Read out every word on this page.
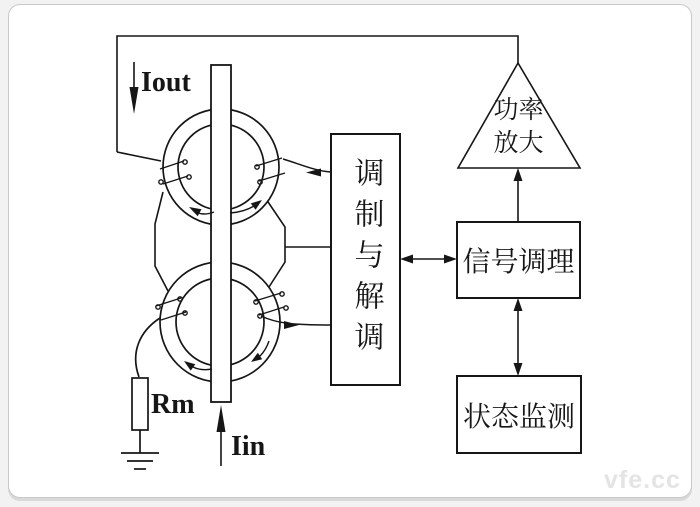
Iout
Iin
Rm
调制与解调
功率
放大
信号调理
状态监测
vfe.cc
